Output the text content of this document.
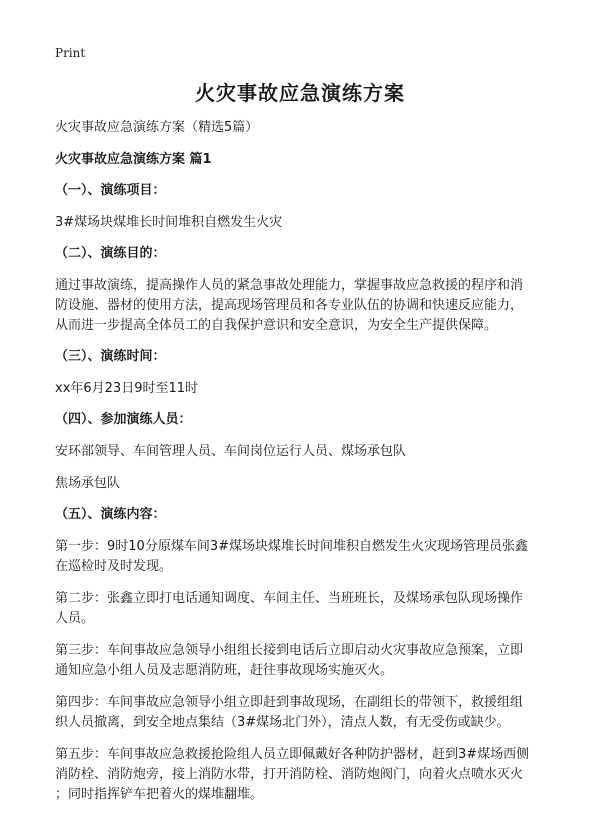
Print
火灾事故应急演练方案

火灾事故应急演练方案（精选5篇）

火灾事故应急演练方案 篇1

（一）、演练项目：

3#煤场块煤堆长时间堆积自燃发生火灾

（二）、演练目的：

通过事故演练，提高操作人员的紧急事故处理能力，掌握事故应急救援的程序和消

防设施、器材的使用方法，提高现场管理员和各专业队伍的协调和快速反应能力，

从而进一步提高全体员工的自我保护意识和安全意识，为安全生产提供保障。

（三）、演练时间：

xx年6月23日9时至11时

（四）、参加演练人员：

安环部领导、车间管理人员、车间岗位运行人员、煤场承包队

焦场承包队

（五）、演练内容：

第一步：9时10分原煤车间3#煤场块煤堆长时间堆积自燃发生火灾现场管理员张鑫

在巡检时及时发现。

第二步：张鑫立即打电话通知调度、车间主任、当班班长，及煤场承包队现场操作

人员。

第三步：车间事故应急领导小组组长接到电话后立即启动火灾事故应急预案，立即

通知应急小组人员及志愿消防班，赶往事故现场实施灭火。

第四步：车间事故应急领导小组立即赶到事故现场，在副组长的带领下，救援组组

织人员撤离，到安全地点集结（3#煤场北门外），清点人数，有无受伤或缺少。

第五步：车间事故应急救援抢险组人员立即佩戴好各种防护器材，赶到3#煤场西侧

消防栓、消防炮旁，接上消防水带，打开消防栓、消防炮阀门，向着火点喷水灭火

；同时指挥铲车把着火的煤堆翻堆。
